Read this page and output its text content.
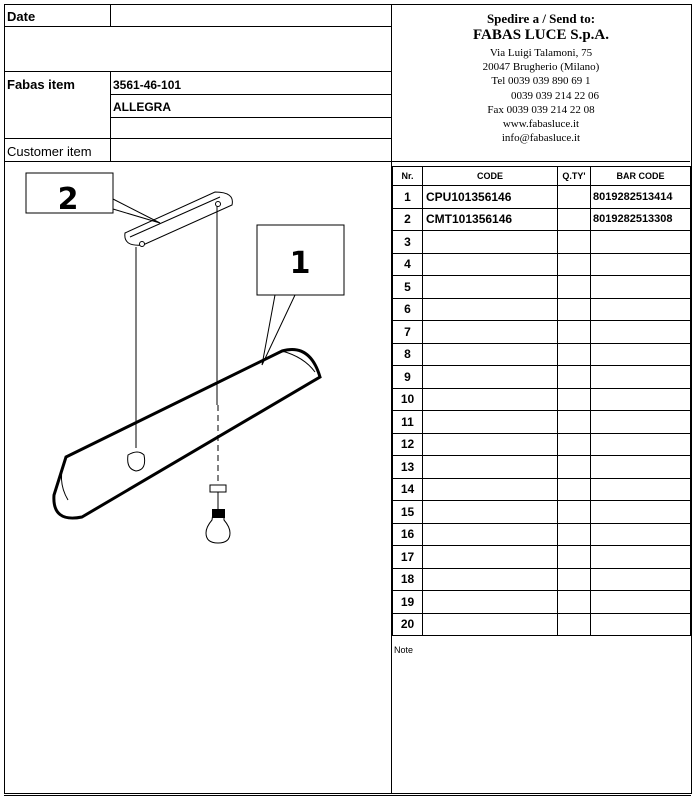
Date
Fabas item	3561-46-101
ALLEGRA
Customer item
Spedire a / Send to:
FABAS LUCE S.p.A.
Via Luigi Talamoni, 75
20047 Brugherio (Milano)
Tel 0039 039 890 69 1
0039 039 214 22 06
Fax 0039 039 214 22 08
www.fabasluce.it
info@fabasluce.it
2
1
Nr.	CODE	Q.TY'	BAR CODE
1	CPU101356146		8019282513414
2	CMT101356146		8019282513308
3			
4			
5			
6			
7			
8			
9			
10			
11			
12			
13			
14			
15			
16			
17			
18			
19			
20			
Note
